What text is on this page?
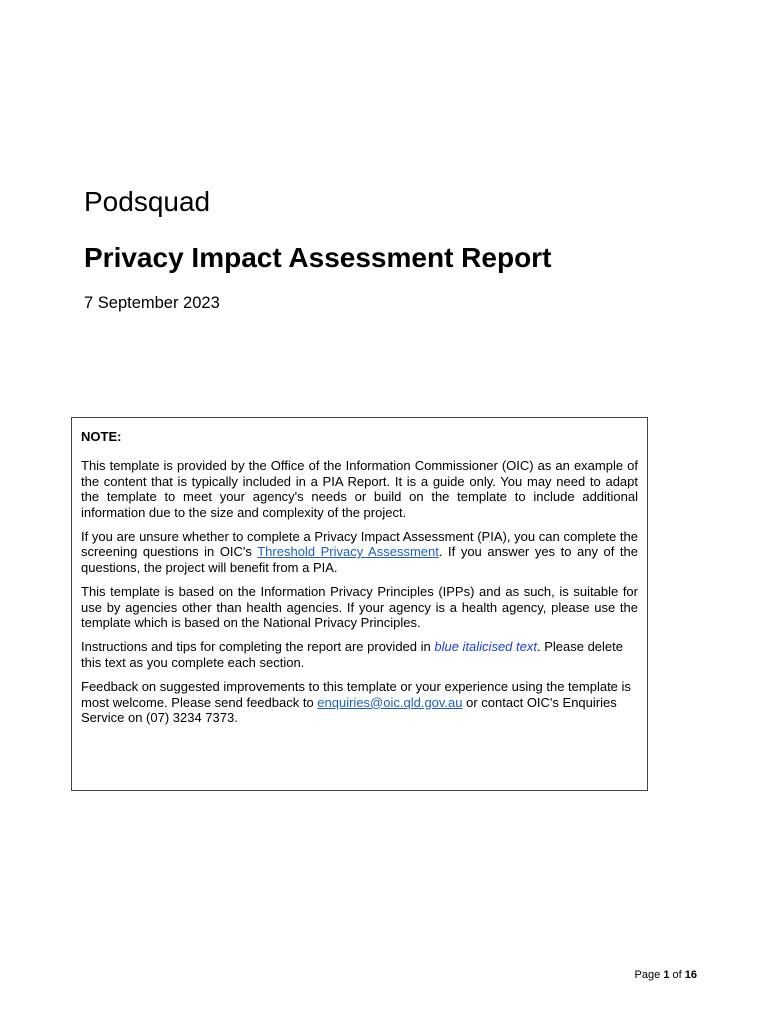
Podsquad
Privacy Impact Assessment Report
7 September 2023
NOTE:

This template is provided by the Office of the Information Commissioner (OIC) as an example of the content that is typically included in a PIA Report. It is a guide only. You may need to adapt the template to meet your agency's needs or build on the template to include additional information due to the size and complexity of the project.

If you are unsure whether to complete a Privacy Impact Assessment (PIA), you can complete the screening questions in OIC's Threshold Privacy Assessment. If you answer yes to any of the questions, the project will benefit from a PIA.

This template is based on the Information Privacy Principles (IPPs) and as such, is suitable for use by agencies other than health agencies. If your agency is a health agency, please use the template which is based on the National Privacy Principles.

Instructions and tips for completing the report are provided in blue italicised text. Please delete this text as you complete each section.

Feedback on suggested improvements to this template or your experience using the template is most welcome. Please send feedback to enquiries@oic.qld.gov.au or contact OIC's Enquiries Service on (07) 3234 7373.

Page 1 of 16
